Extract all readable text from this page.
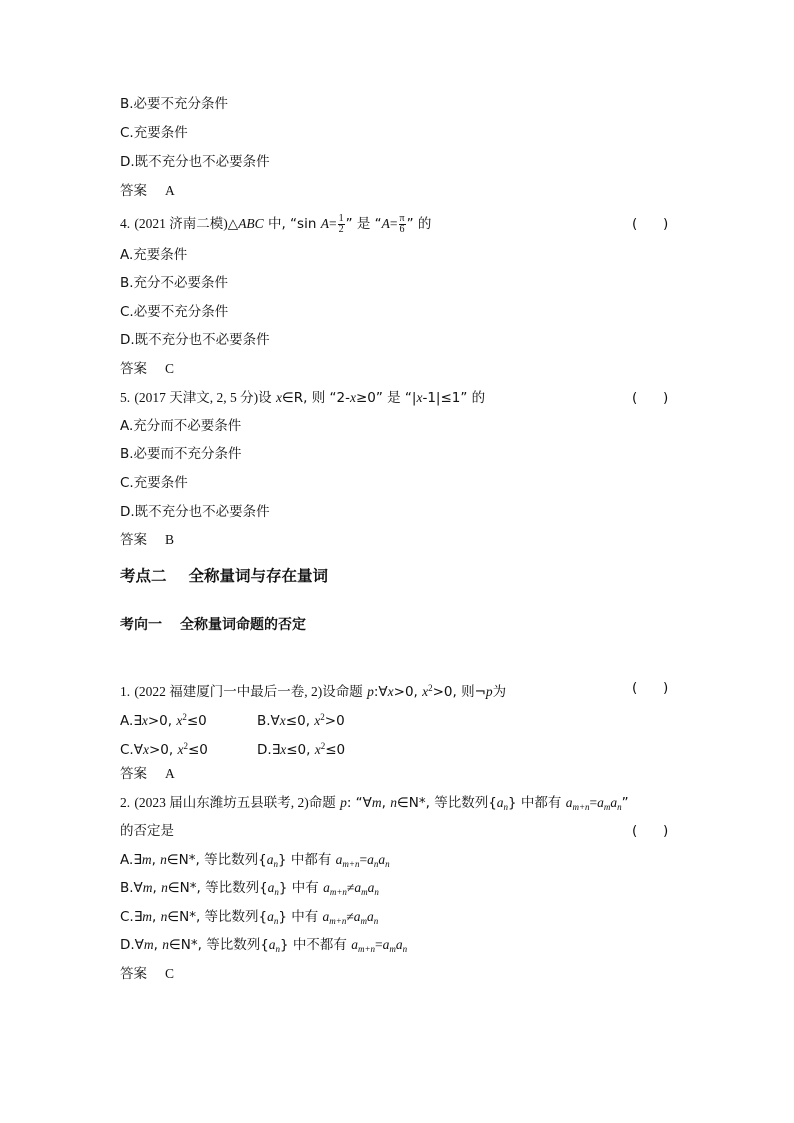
B.必要不充分条件
C.充要条件
D.既不充分也不必要条件
答案 A
4. (2021 济南二模)△ABC 中, “sin $A= \frac{1}{2}$ ” 是 “$A= \frac{\pi}{6}$ ” 的	(      )
A.充要条件
B.充分不必要条件
C.必要不充分条件
D.既不充分也不必要条件
答案 C
5. (2017 天津文, 2, 5 分)设 x∈R, 则 “2-x≥0” 是 “|x-1|≤1” 的	(      )
A.充分而不必要条件
B.必要而不充分条件
C.充要条件
D.既不充分也不必要条件
答案 B
考点二 全称量词与存在量词
考向一 全称量词命题的否定
1. (2022 福建厦门一中最后一卷, 2)设命题 p:∀x>0, $x^2>0$, 则¬p为	(      )
A.∃x>0, $x^2\le 0$	B.∀x≤0, $x^2>0$
C.∀x>0, $x^2\le 0$	D.∃x≤0, $x^2\le 0$
答案 A
2. (2023 届山东潍坊五县联考, 2)命题 p: “∀m, n∈N*, 等比数列$\{a_n\}$ 中都有 $a_{m+n}=a_ma_n$”
的否定是	(      )
A.∃m, n∈N*, 等比数列$\{a_n\}$ 中都有 $a_{m+n}=a_na_n$
B.∀m, n∈N*, 等比数列$\{a_n\}$ 中有 $a_{m+n}\ne a_ma_n$
C.∃m, n∈N*, 等比数列$\{a_n\}$ 中有 $a_{m+n}\ne a_ma_n$
D.∀m, n∈N*, 等比数列$\{a_n\}$ 中不都有 $a_{m+n}=a_ma_n$
答案 C
